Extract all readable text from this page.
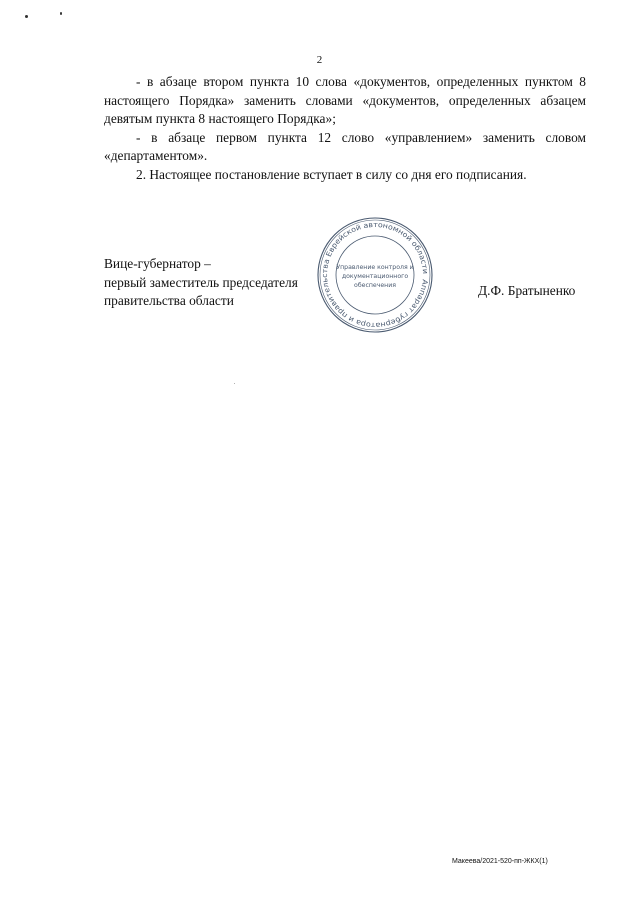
2

- в абзаце втором пункта 10 слова «документов, определенных пунктом 8 настоящего Порядка» заменить словами «документов, определенных абзацем девятым пункта 8 настоящего Порядка»;

- в абзаце первом пункта 12 слово «управлением» заменить словом «департаментом».

2. Настоящее постановление вступает в силу со дня его подписания.

Вице-губернатор –
первый заместитель председателя
правительства области
Аппарат губернатора и правительства Еврейской автономной области
Управление контроля и
документационного
обеспечения	Д.Ф. Братыненко
Макеева/2021-520-пп-ЖКХ(1)
